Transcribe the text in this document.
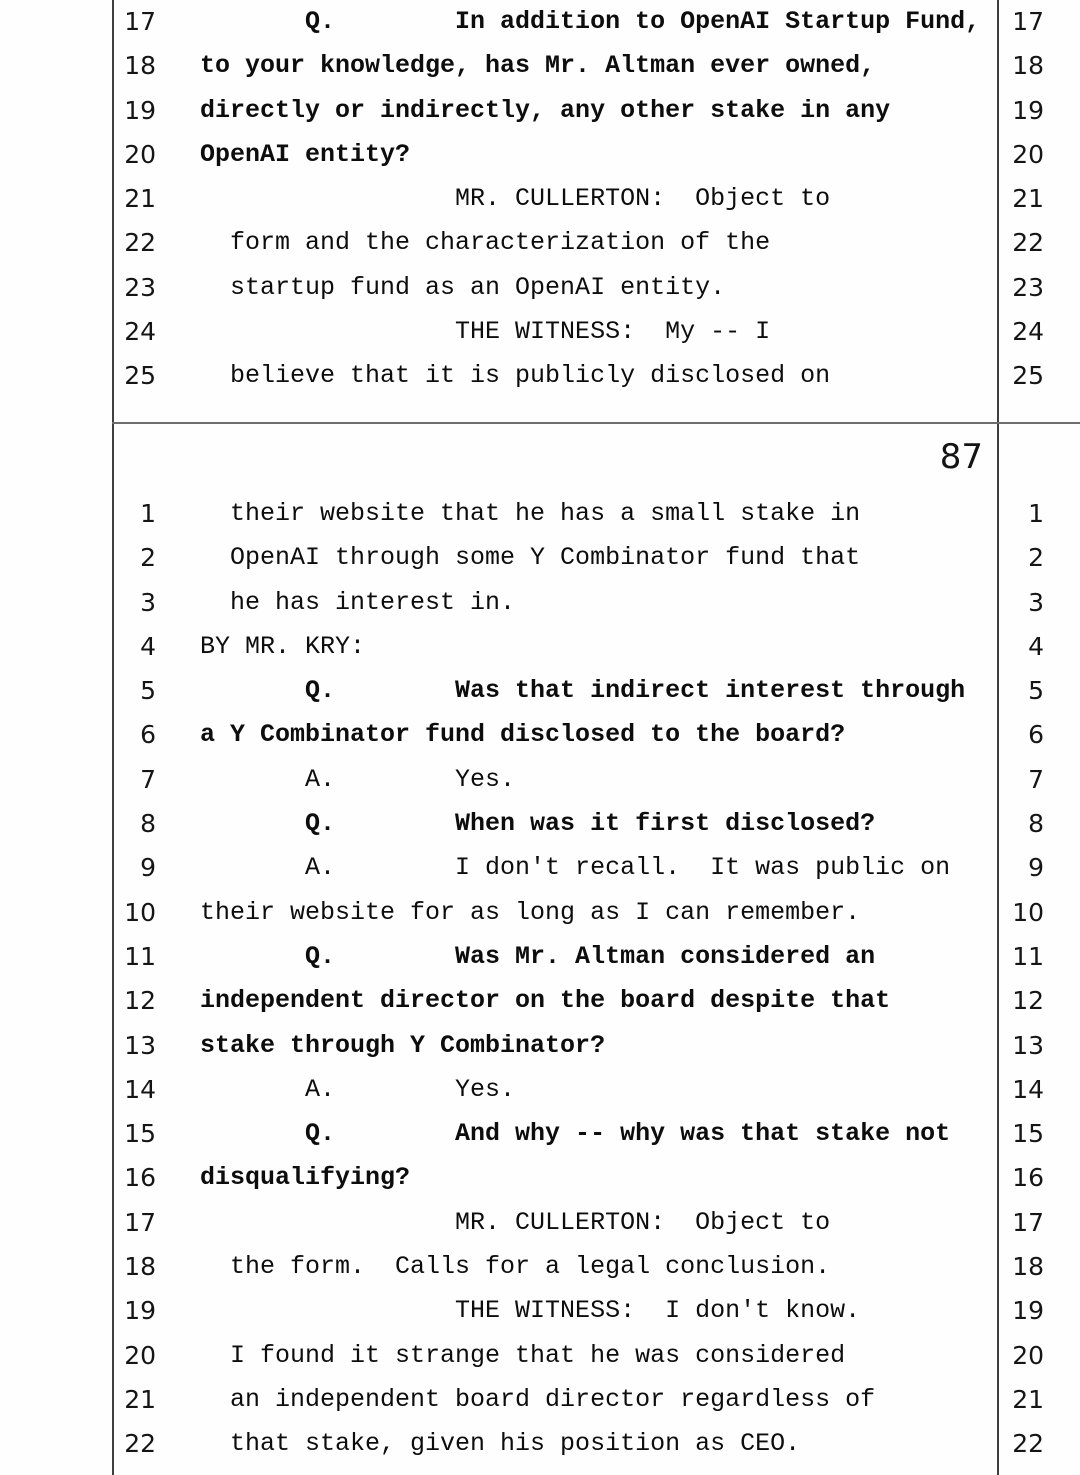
17 Q.        In addition to OpenAI Startup Fund, 17
18 to your knowledge, has Mr. Altman ever owned,	18
19 directly or indirectly, any other stake in any	19
20 OpenAI entity?	20
21 MR. CULLERTON:  Object to	21
22 form and the characterization of the	22
23 startup fund as an OpenAI entity.	23
24 THE WITNESS:  My -- I	24
25 believe that it is publicly disclosed on	25
87
1 their website that he has a small stake in	1
2 OpenAI through some Y Combinator fund that	2
3 he has interest in.	3
4 BY MR. KRY:	4
5 Q.        Was that indirect interest through	5
6 a Y Combinator fund disclosed to the board?	6
7 A.        Yes.	7
8 Q.        When was it first disclosed?	8
9 A.        I don't recall.  It was public on	9
10 their website for as long as I can remember.	10
11 Q.        Was Mr. Altman considered an	11
12 independent director on the board despite that	12
13 stake through Y Combinator?	13
14 A.        Yes.	14
15 Q.        And why -- why was that stake not 15
16 disqualifying?	16
17 MR. CULLERTON:  Object to	17
18 the form.  Calls for a legal conclusion.	18
19 THE WITNESS:  I don't know.	19
20 I found it strange that he was considered	20
21 an independent board director regardless of	21
22 that stake, given his position as CEO.	22
